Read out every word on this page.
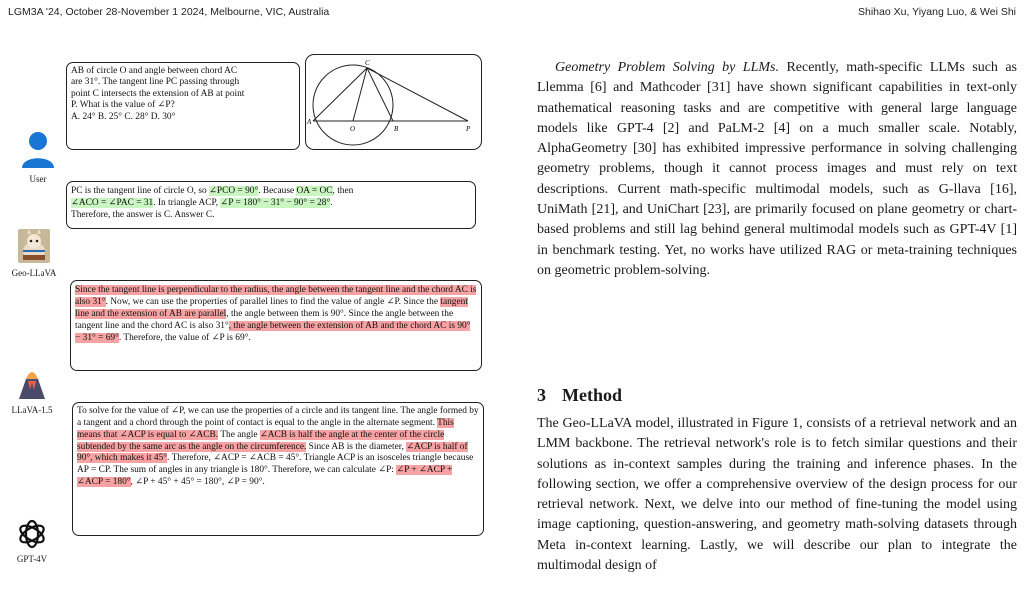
LGM3A '24, October 28-November 1 2024, Melbourne, VIC, Australia	Shihao Xu, Yiyang Luo, & Wei Shi
User
AB of circle O and angle between chord AC
are 31°. The tangent line PC passing through
point C intersects the extension of AB at point
P. What is the value of ∠P?
A. 24° B. 25° C. 28° D. 30°
C
A
O	B	P
Geo-LLaVA
PC is the tangent line of circle O, so ∠PCO = 90°. Because OA = OC, then
∠ACO = ∠PAC = 31. In triangle ACP, ∠P = 180° − 31° − 90° = 28°.
Therefore, the answer is C. Answer C.
LLaVA-1.5
Since the tangent line is perpendicular to the radius, the angle between the tangent line and the chord AC is also 31°. Now, we can use the properties of parallel lines to find the value of angle ∠P. Since the tangent line and the extension of AB are parallel, the angle between them is 90°. Since the angle between the tangent line and the chord AC is also 31°, the angle between the extension of AB and the chord AC is 90° − 31° = 69°. Therefore, the value of ∠P is 69°.
GPT-4V
To solve for the value of ∠P, we can use the properties of a circle and its tangent line. The angle formed by a tangent and a chord through the point of contact is equal to the angle in the alternate segment. This means that ∠ACP is equal to ∠ACB. The angle ∠ACB is half the angle at the center of the circle subtended by the same arc as the angle on the circumference. Since AB is the diameter, ∠ACP is half of 90°, which makes it 45°. Therefore, ∠ACP = ∠ACB = 45°. Triangle ACP is an isosceles triangle because AP = CP. The sum of angles in any triangle is 180°. Therefore, we can calculate ∠P: ∠P + ∠ACP + ∠ACP = 180°, ∠P + 45° + 45° = 180°, ∠P = 90°.

Geometry Problem Solving by LLMs. Recently, math-specific LLMs such as Llemma [6] and Mathcoder [31] have shown significant capabilities in text-only mathematical reasoning tasks and are competitive with general large language models like GPT-4 [2] and PaLM-2 [4] on a much smaller scale. Notably, AlphaGeometry [30] has exhibited impressive performance in solving challenging geometry problems, though it cannot process images and must rely on text descriptions. Current math-specific multimodal models, such as G-llava [16], UniMath [21], and UniChart [23], are primarily focused on plane geometry or chart-based problems and still lag behind general multimodal models such as GPT-4V [1] in benchmark testing. Yet, no works have utilized RAG or meta-training techniques on geometric problem-solving.

3 Method

The Geo-LLaVA model, illustrated in Figure 1, consists of a retrieval network and an LMM backbone. The retrieval network's role is to fetch similar questions and their solutions as in-context samples during the training and inference phases. In the following section, we offer a comprehensive overview of the design process for our retrieval network. Next, we delve into our method of fine-tuning the model using image captioning, question-answering, and geometry math-solving datasets through Meta in-context learning. Lastly, we will describe our plan to integrate the multimodal design of
